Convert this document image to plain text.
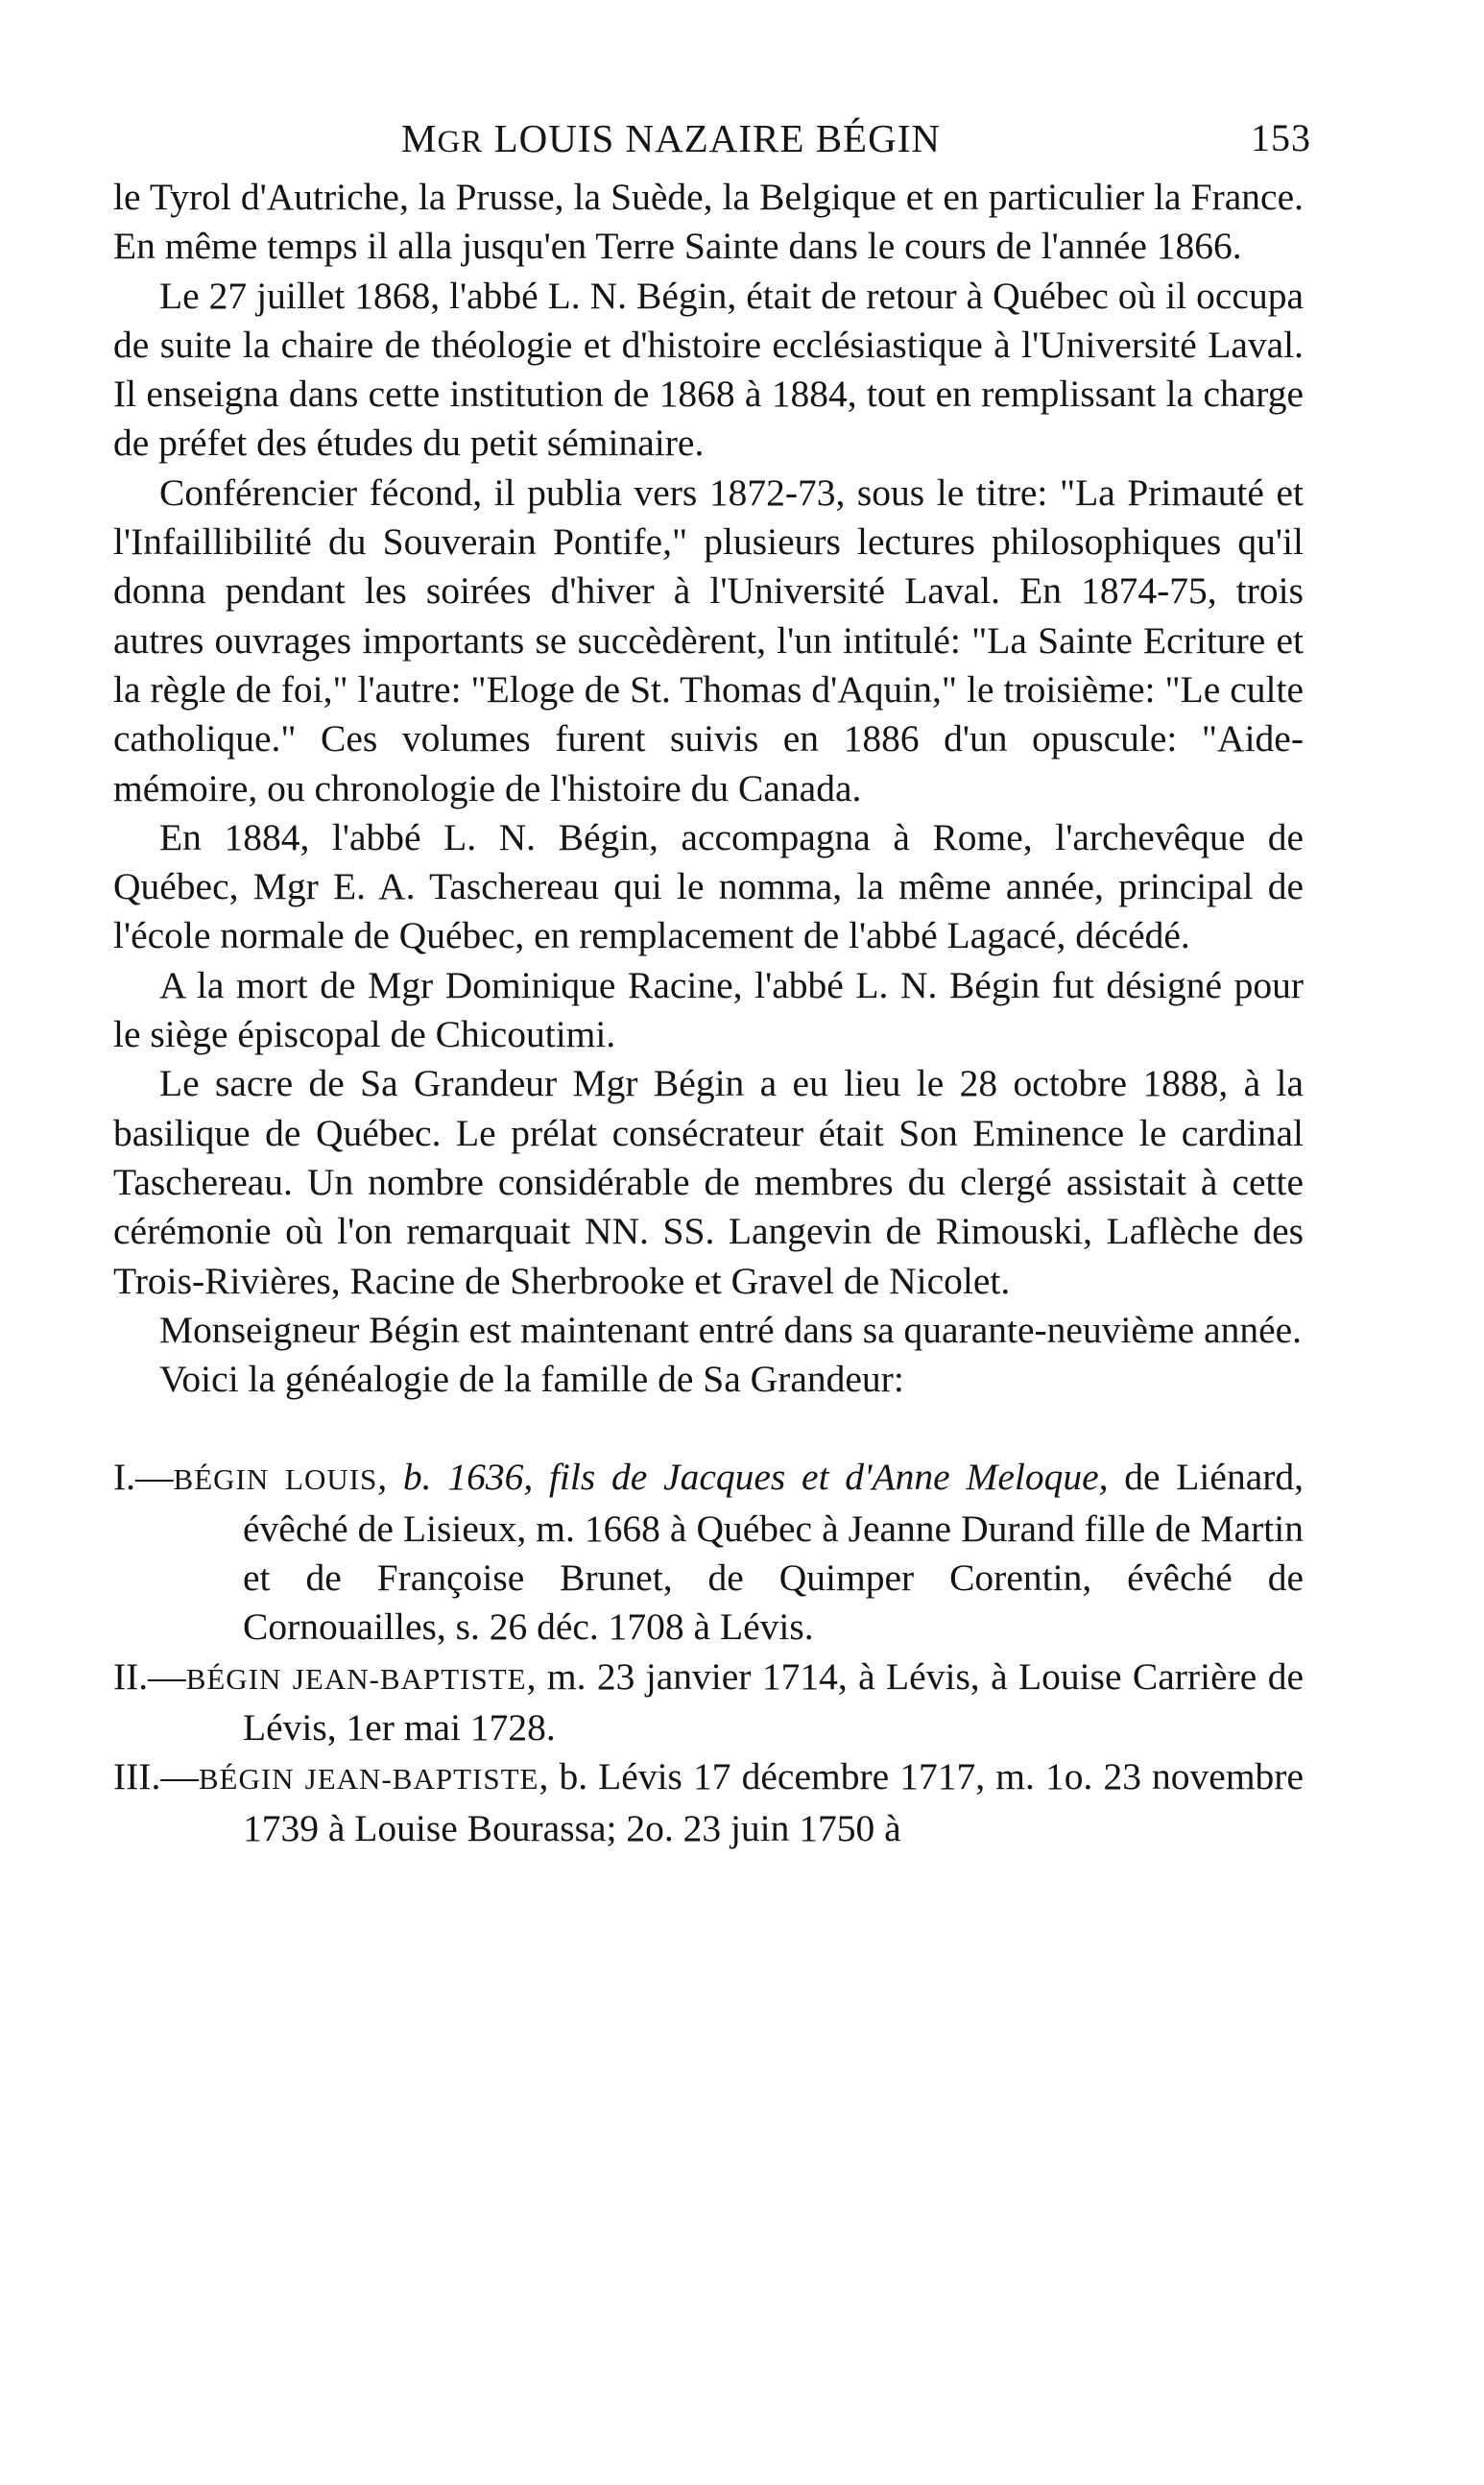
MGR LOUIS NAZAIRE BÉGIN	153

le Tyrol d'Autriche, la Prusse, la Suède, la Belgique et en particulier la France. En même temps il alla jusqu'en Terre Sainte dans le cours de l'année 1866.

Le 27 juillet 1868, l'abbé L. N. Bégin, était de retour à Québec où il occupa de suite la chaire de théologie et d'histoire ecclésiastique à l'Université Laval. Il enseigna dans cette institution de 1868 à 1884, tout en remplissant la charge de préfet des études du petit séminaire.

Conférencier fécond, il publia vers 1872-73, sous le titre: "La Primauté et l'Infaillibilité du Souverain Pontife," plusieurs lectures philosophiques qu'il donna pendant les soirées d'hiver à l'Université Laval. En 1874-75, trois autres ouvrages importants se succèdèrent, l'un intitulé: "La Sainte Ecriture et la règle de foi," l'autre: "Eloge de St. Thomas d'Aquin," le troisième: "Le culte catholique." Ces volumes furent suivis en 1886 d'un opuscule: "Aide-mémoire, ou chronologie de l'histoire du Canada.

En 1884, l'abbé L. N. Bégin, accompagna à Rome, l'archevêque de Québec, Mgr E. A. Taschereau qui le nomma, la même année, principal de l'école normale de Québec, en remplacement de l'abbé Lagacé, décédé.

A la mort de Mgr Dominique Racine, l'abbé L. N. Bégin fut désigné pour le siège épiscopal de Chicoutimi.

Le sacre de Sa Grandeur Mgr Bégin a eu lieu le 28 octobre 1888, à la basilique de Québec. Le prélat consécrateur était Son Eminence le cardinal Taschereau. Un nombre considérable de membres du clergé assistait à cette cérémonie où l'on remarquait NN. SS. Langevin de Rimouski, Laflèche des Trois-Rivières, Racine de Sherbrooke et Gravel de Nicolet.

Monseigneur Bégin est maintenant entré dans sa quarante-neuvième année.

Voici la généalogie de la famille de Sa Grandeur:

I.—BÉGIN LOUIS, b. 1636, fils de Jacques et d'Anne Meloque, de Liénard, évêché de Lisieux, m. 1668 à Québec à Jeanne Durand fille de Martin et de Françoise Brunet, de Quimper Corentin, évêché de Cornouailles, s. 26 déc. 1708 à Lévis.

II.—BÉGIN JEAN-BAPTISTE, m. 23 janvier 1714, à Lévis, à Louise Carrière de Lévis, 1er mai 1728.

III.—BÉGIN JEAN-BAPTISTE, b. Lévis 17 décembre 1717, m. 1o. 23 novembre 1739 à Louise Bourassa; 2o. 23 juin 1750 à
